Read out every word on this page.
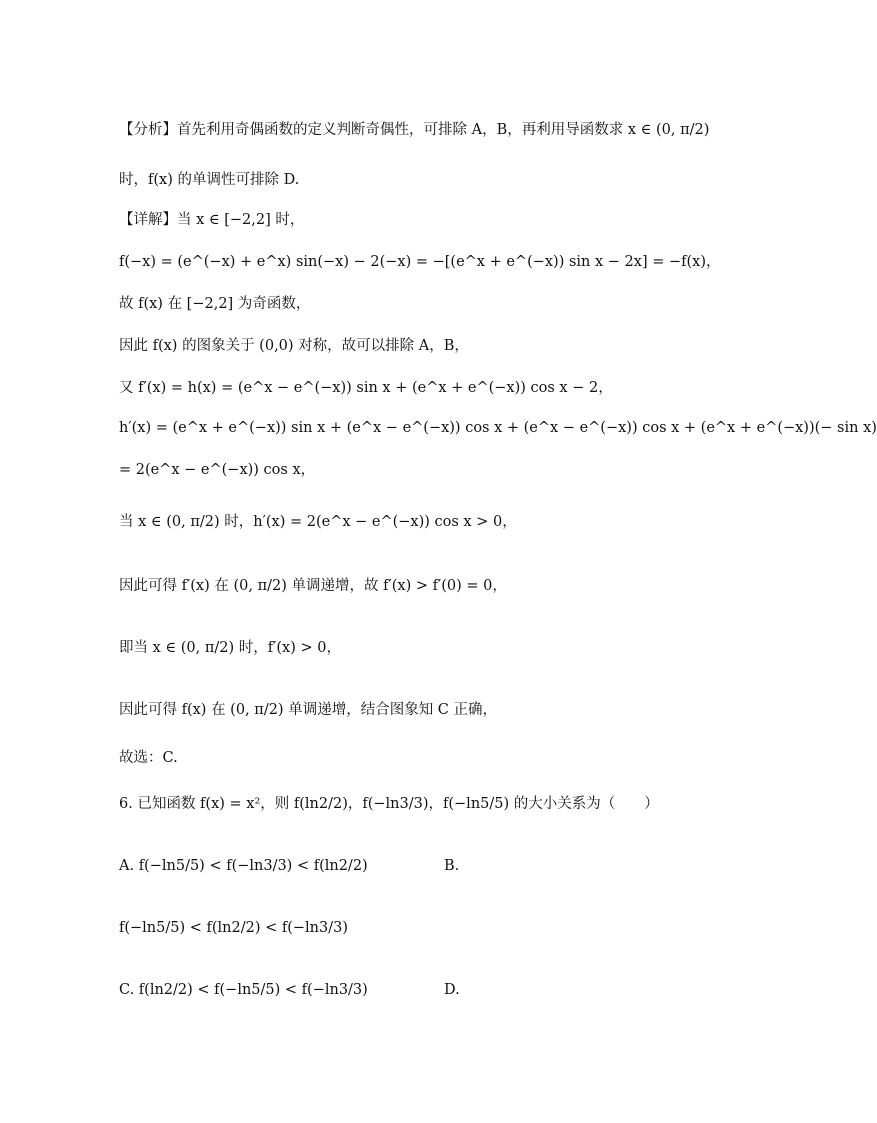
【分析】首先利用奇偶函数的定义判断奇偶性，可排除 A，B，再利用导函数求 x ∈ (0, π/2)
时，f(x) 的单调性可排除 D.
【详解】当 x ∈ [−2,2] 时，
f(−x) = (e^(−x) + e^x) sin(−x) − 2(−x) = −[(e^x + e^(−x)) sin x − 2x] = −f(x)，
故 f(x) 在 [−2,2] 为奇函数，
因此 f(x) 的图象关于 (0,0) 对称，故可以排除 A，B，
又 f′(x) = h(x) = (e^x − e^(−x)) sin x + (e^x + e^(−x)) cos x − 2，
h′(x) = (e^x + e^(−x)) sin x + (e^x − e^(−x)) cos x + (e^x − e^(−x)) cos x + (e^x + e^(−x))(− sin x)
= 2(e^x − e^(−x)) cos x，
当 x ∈ (0, π/2) 时，h′(x) = 2(e^x − e^(−x)) cos x > 0，
因此可得 f′(x) 在 (0, π/2) 单调递增，故 f′(x) > f′(0) = 0，
即当 x ∈ (0, π/2) 时，f′(x) > 0，
因此可得 f(x) 在 (0, π/2) 单调递增，结合图象知 C 正确，
故选：C.
6. 已知函数 f(x) = x²，则 f(ln2/2)，f(−ln3/3)，f(−ln5/5) 的大小关系为（　　）
A. f(−ln5/5) < f(−ln3/3) < f(ln2/2)	B.
f(−ln5/5) < f(ln2/2) < f(−ln3/3)
C. f(ln2/2) < f(−ln5/5) < f(−ln3/3)	D.
